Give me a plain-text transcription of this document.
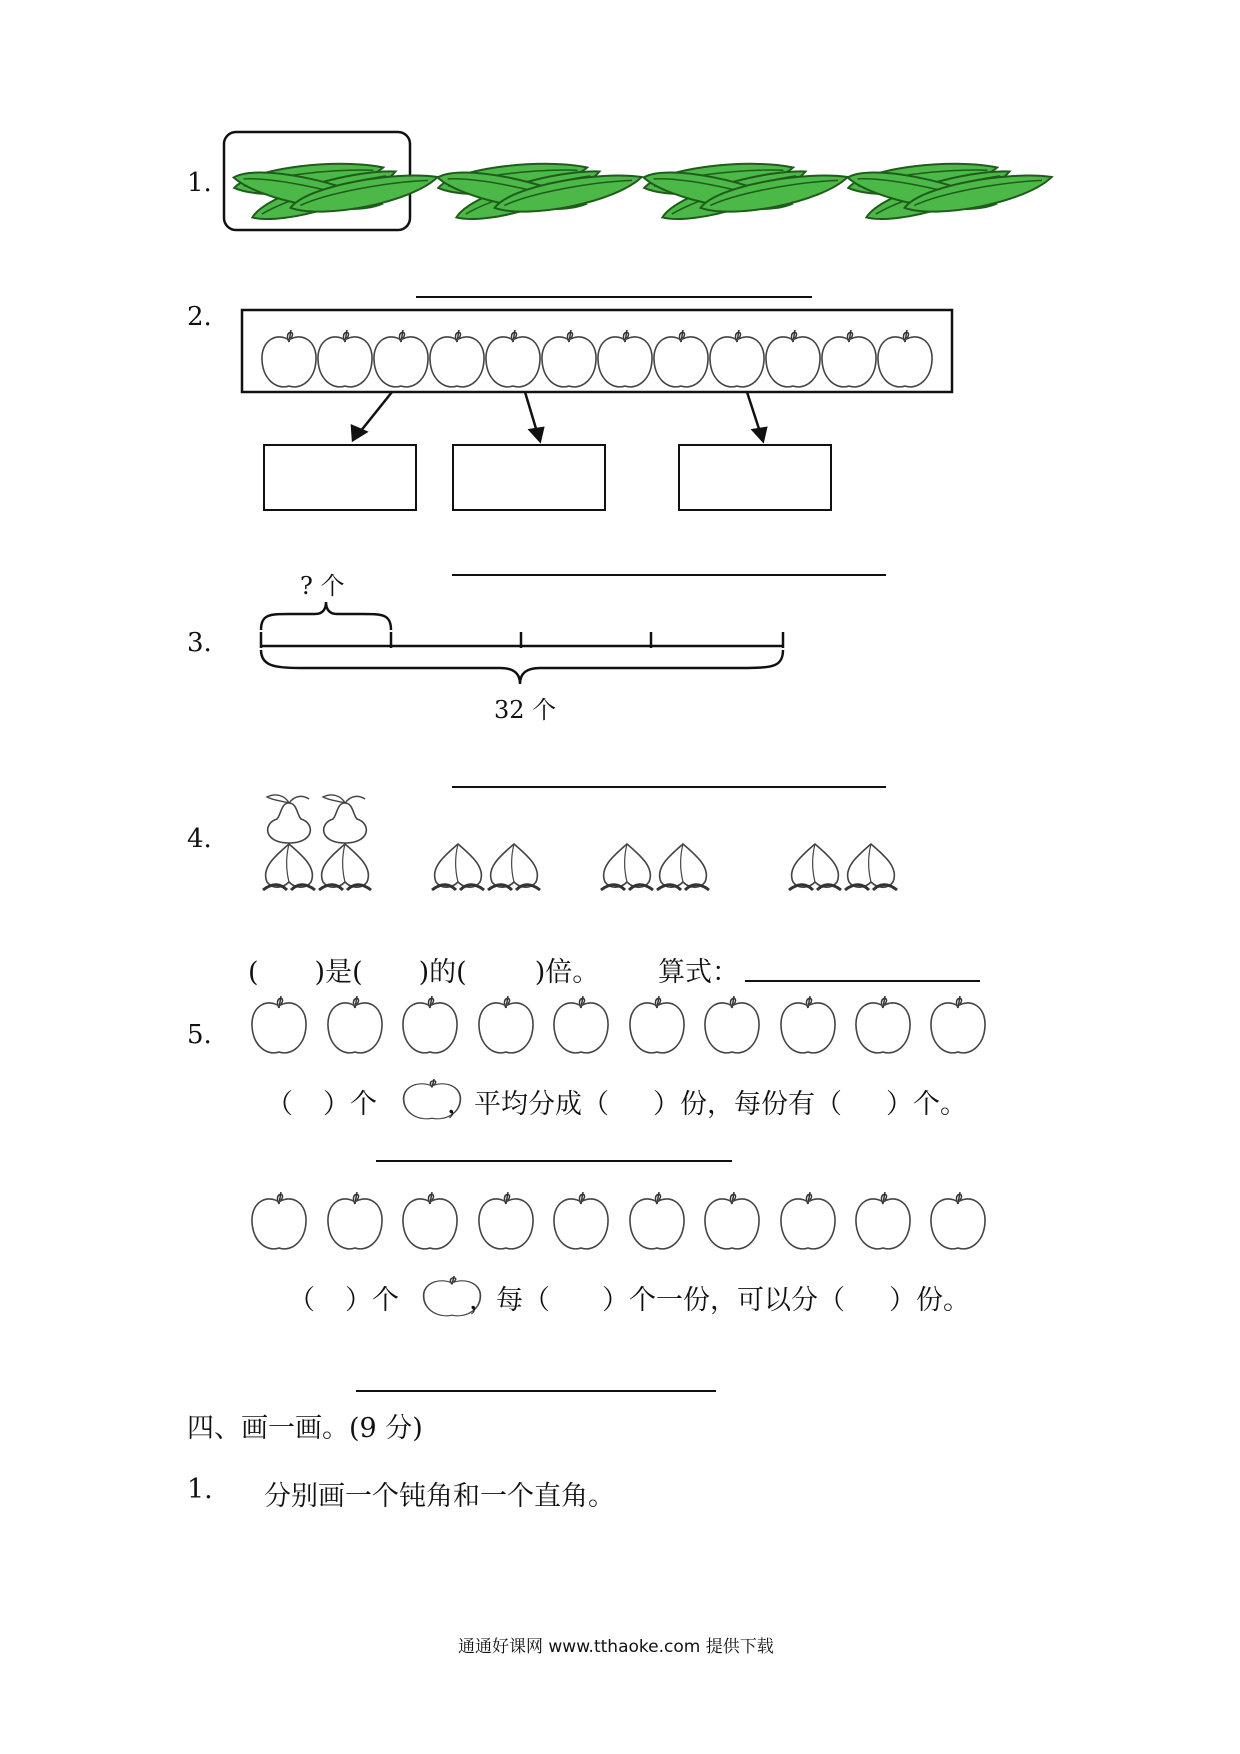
1.
2.
3.
? 个
32 个
4.
( )是( )的(	)倍。 算式：
5.
（ ）个	，平均分成（ ）份，每份有（ ）个。
（ ）个	，每（ ）个一份，可以分（ ）份。
四、画一画。(9 分)
1. 分别画一个钝角和一个直角。
通通好课网 www.tthaoke.com 提供下载
